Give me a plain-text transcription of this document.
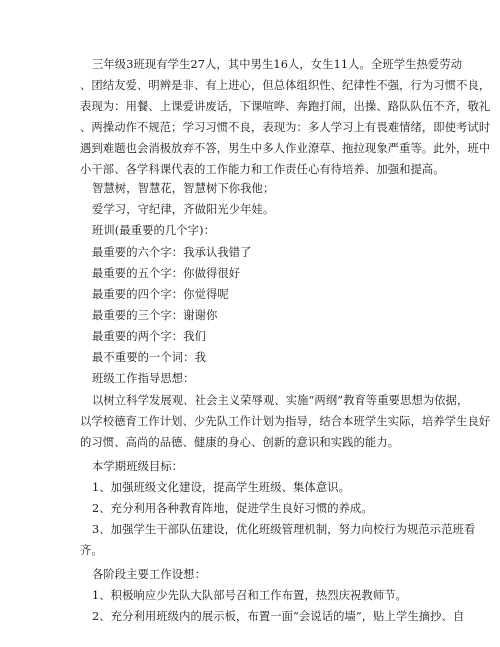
三年级3班现有学生27人，其中男生16人，女生11人。全班学生热爱劳动
、团结友爱、明辨是非、有上进心，但总体组织性、纪律性不强，行为习惯不良，
表现为：用餐、上课爱讲废话，下课喧哗、奔跑打闹，出操、路队队伍不齐，敬礼
、两操动作不规范；学习习惯不良，表现为：多人学习上有畏难情绪，即使考试时
遇到难题也会消极放弃不答，男生中多人作业潦草、拖拉现象严重等。此外，班中
小干部、各学科课代表的工作能力和工作责任心有待培养、加强和提高。
智慧树，智慧花，智慧树下你我他；
爱学习，守纪律，齐做阳光少年娃。
班训(最重要的几个字)：
最重要的六个字：我承认我错了
最重要的五个字：你做得很好
最重要的四个字：你觉得呢
最重要的三个字：谢谢你
最重要的两个字：我们
最不重要的一个词：我
班级工作指导思想：
以树立科学发展观、社会主义荣辱观、实施“两纲”教育等重要思想为依据，
以学校德育工作计划、少先队工作计划为指导，结合本班学生实际，培养学生良好
的习惯、高尚的品德、健康的身心、创新的意识和实践的能力。
本学期班级目标：
1、加强班级文化建设，提高学生班级、集体意识。
2、充分利用各种教育阵地，促进学生良好习惯的养成。
3、加强学生干部队伍建设，优化班级管理机制，努力向校行为规范示范班看
齐。
各阶段主要工作设想：
1、积极响应少先队大队部号召和工作布置，热烈庆祝教师节。
2、充分利用班级内的展示板，布置一面“会说话的墙”，贴上学生摘抄、自
